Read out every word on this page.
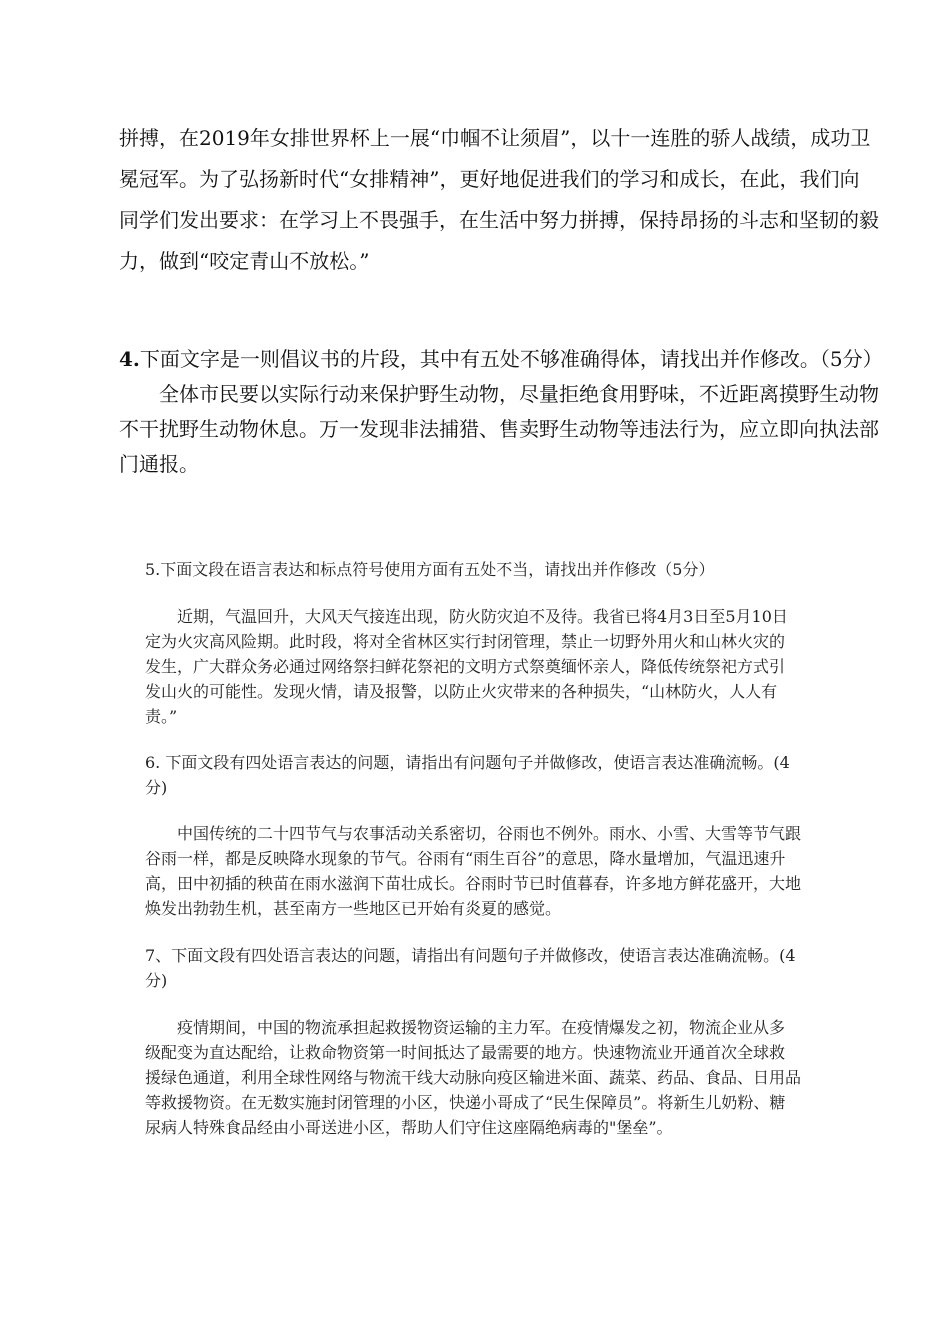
拼搏，在2019年女排世界杯上一展“巾帼不让须眉”，以十一连胜的骄人战绩，成功卫
冕冠军。为了弘扬新时代“女排精神”，更好地促进我们的学习和成长，在此，我们向
同学们发出要求：在学习上不畏强手，在生活中努力拼搏，保持昂扬的斗志和坚韧的毅
力，做到“咬定青山不放松。”
4.下面文字是一则倡议书的片段，其中有五处不够准确得体，请找出并作修改。（5分）
全体市民要以实际行动来保护野生动物，尽量拒绝食用野味，不近距离摸野生动物
不干扰野生动物休息。万一发现非法捕猎、售卖野生动物等违法行为，应立即向执法部
门通报。
5.下面文段在语言表达和标点符号使用方面有五处不当，请找出并作修改（5分）
近期，气温回升，大风天气接连出现，防火防灾迫不及待。我省已将4月3日至5月10日
定为火灾高风险期。此时段，将对全省林区实行封闭管理，禁止一切野外用火和山林火灾的
发生，广大群众务必通过网络祭扫鲜花祭祀的文明方式祭奠缅怀亲人，降低传统祭祀方式引
发山火的可能性。发现火情，请及报警，以防止火灾带来的各种损失，“山林防火，人人有
责。”
6. 下面文段有四处语言表达的问题，请指出有问题句子并做修改，使语言表达准确流畅。(4
分)
中国传统的二十四节气与农事活动关系密切，谷雨也不例外。雨水、小雪、大雪等节气跟
谷雨一样，都是反映降水现象的节气。谷雨有“雨生百谷”的意思，降水量增加，气温迅速升
高，田中初插的秧苗在雨水滋润下苗壮成长。谷雨时节已时值暮春，许多地方鲜花盛开，大地
焕发出勃勃生机，甚至南方一些地区已开始有炎夏的感觉。
7、下面文段有四处语言表达的问题，请指出有问题句子并做修改，使语言表达准确流畅。(4
分)
疫情期间，中国的物流承担起救援物资运输的主力军。在疫情爆发之初，物流企业从多
级配变为直达配给，让救命物资第一时间抵达了最需要的地方。快速物流业开通首次全球救
援绿色通道，利用全球性网络与物流干线大动脉向疫区输进米面、蔬菜、药品、食品、日用品
等救援物资。在无数实施封闭管理的小区，快递小哥成了“民生保障员”。将新生儿奶粉、糖
尿病人特殊食品经由小哥送进小区，帮助人们守住这座隔绝病毒的"堡垒”。
